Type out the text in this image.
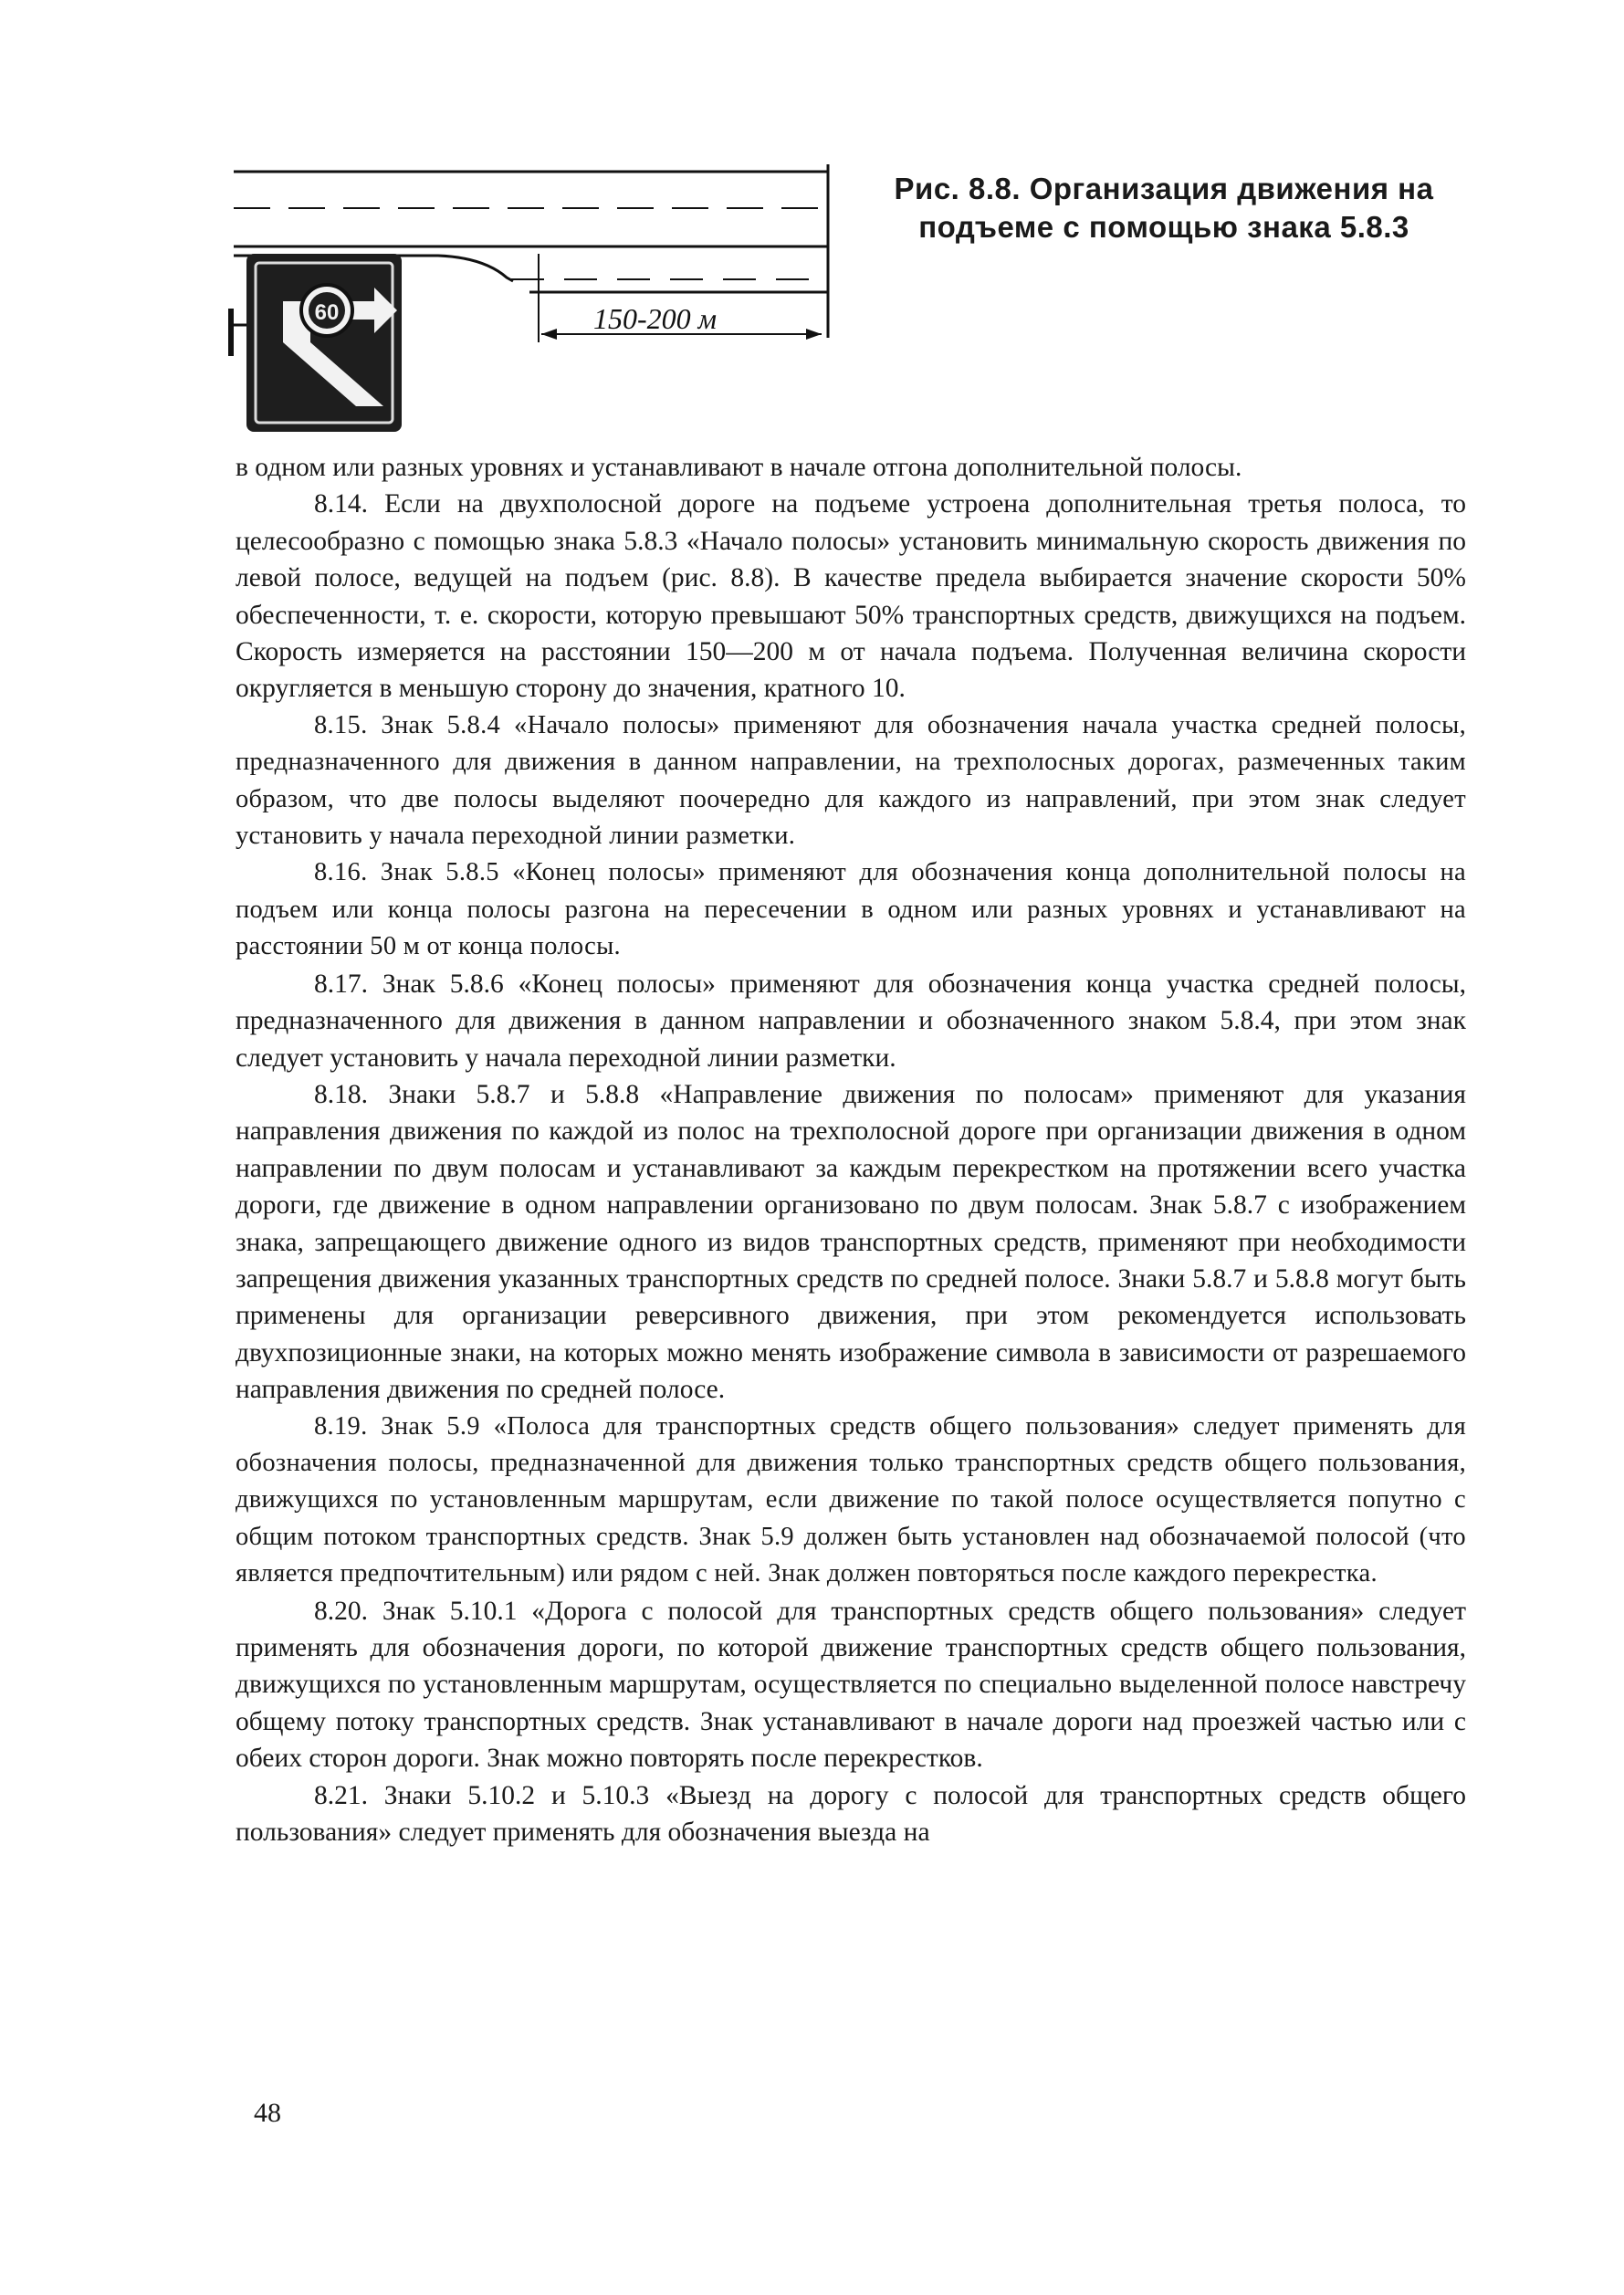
150-200 м
60
Рис. 8.8. Организация движения на
подъеме с помощью знака 5.8.3

в одном или разных уровнях и устанавливают в начале отгона дополнительной полосы.

8.14. Если на двухполосной дороге на подъеме устроена дополнительная третья полоса, то целесообразно с помощью знака 5.8.3 «Начало полосы» установить минимальную скорость движения по левой полосе, ведущей на подъем (рис. 8.8). В качестве предела выбирается значение скорости 50% обеспеченности, т. е. скорости, которую превышают 50% транспортных средств, движущихся на подъем. Скорость измеряется на расстоянии 150—200 м от начала подъема. Полученная величина скорости округляется в меньшую сторону до значения, кратного 10.

8.15. Знак 5.8.4 «Начало полосы» применяют для обозначения начала участка средней полосы, предназначенного для движения в данном направлении, на трехполосных дорогах, размеченных таким образом, что две полосы выделяют поочередно для каждого из направлений, при этом знак следует установить у начала переходной линии разметки.

8.16. Знак 5.8.5 «Конец полосы» применяют для обозначения конца дополнительной полосы на подъем или конца полосы разгона на пересечении в одном или разных уровнях и устанавливают на расстоянии 50 м от конца полосы.

8.17. Знак 5.8.6 «Конец полосы» применяют для обозначения конца участка средней полосы, предназначенного для движения в данном направлении и обозначенного знаком 5.8.4, при этом знак следует установить у начала переходной линии разметки.

8.18. Знаки 5.8.7 и 5.8.8 «Направление движения по полосам» применяют для указания направления движения по каждой из полос на трехполосной дороге при организации движения в одном направлении по двум полосам и устанавливают за каждым перекрестком на протяжении всего участка дороги, где движение в одном направлении организовано по двум полосам. Знак 5.8.7 с изображением знака, запрещающего движение одного из видов транспортных средств, применяют при необходимости запрещения движения указанных транспортных средств по средней полосе. Знаки 5.8.7 и 5.8.8 могут быть применены для организации реверсивного движения, при этом рекомендуется использовать двухпозиционные знаки, на которых можно менять изображение символа в зависимости от разрешаемого направления движения по средней полосе.

8.19. Знак 5.9 «Полоса для транспортных средств общего пользования» следует применять для обозначения полосы, предназначенной для движения только транспортных средств общего пользования, движущихся по установленным маршрутам, если движение по такой полосе осуществляется попутно с общим потоком транспортных средств. Знак 5.9 должен быть установлен над обозначаемой полосой (что является предпочтительным) или рядом с ней. Знак должен повторяться после каждого перекрестка.

8.20. Знак 5.10.1 «Дорога с полосой для транспортных средств общего пользования» следует применять для обозначения дороги, по которой движение транспортных средств общего пользования, движущихся по установленным маршрутам, осуществляется по специально выделенной полосе навстречу общему потоку транспортных средств. Знак устанавливают в начале дороги над проезжей частью или с обеих сторон дороги. Знак можно повторять после перекрестков.

8.21. Знаки 5.10.2 и 5.10.3 «Выезд на дорогу с полосой для транспортных средств общего пользования» следует применять для обозначения выезда на

48
